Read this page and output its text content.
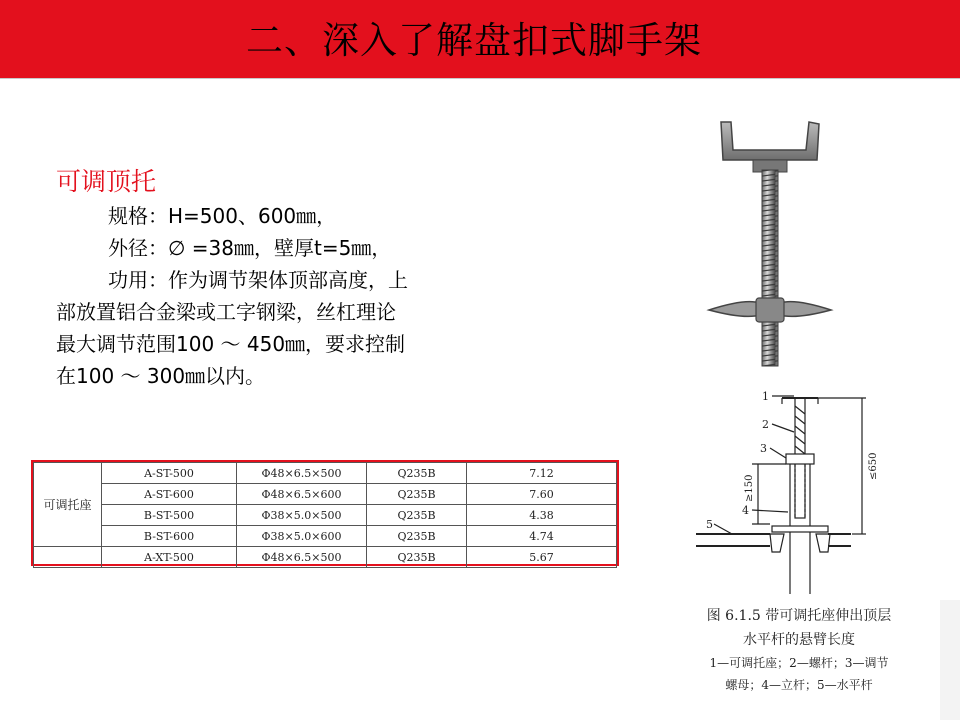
二、深入了解盘扣式脚手架
可调顶托
规格：H=500、600㎜，
外径：∅ =38㎜，壁厚t=5㎜，
功用：作为调节架体顶部高度，上
部放置铝合金梁或工字钢梁，丝杠理论
最大调节范围100 ～ 450㎜，要求控制
在100 ～ 300㎜以内。
可调托座	A-ST-500	Φ48×6.5×500	Q235B	7.12
	A-ST-600	Φ48×6.5×600	Q235B	7.60
	B-ST-500	Φ38×5.0×500	Q235B	4.38
	B-ST-600	Φ38×5.0×600	Q235B	4.74
	A-XT-500	Φ48×6.5×500	Q235B	5.67
1
2
3
4
5
≥150
≤650
图 6.1.5 带可调托座伸出顶层
水平杆的悬臂长度
1—可调托座；2—螺杆；3—调节
螺母；4—立杆；5—水平杆
